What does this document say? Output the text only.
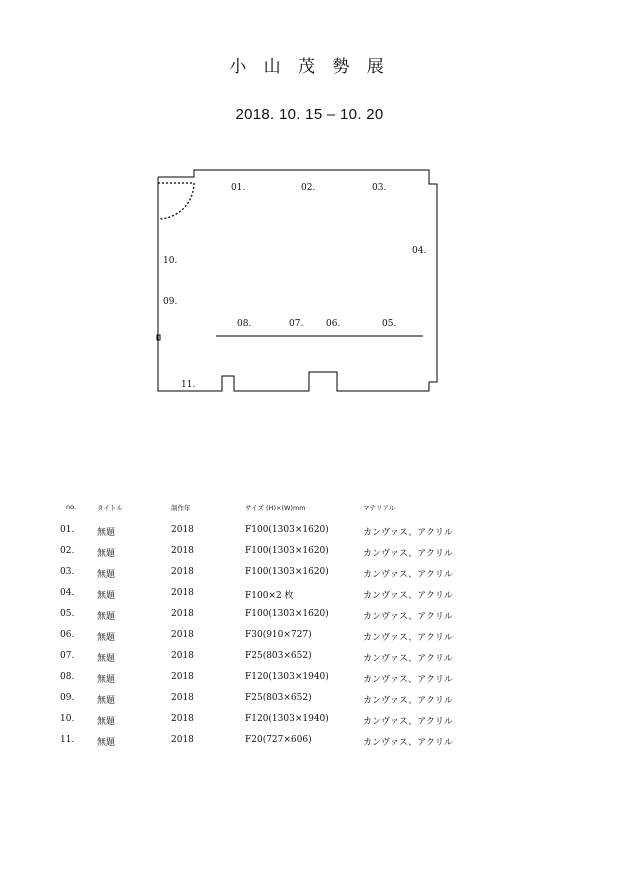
小 山 茂 勢 展
2018. 10. 15 – 10. 20
01.	02.	03.
04.
05.
06.
07.
08.
09.
10.
11.
no.	タイトル	制作年	サイズ (H)×(W)mm	マテリアル
01.	無題	2018	F100(1303×1620)	カンヴァス、アクリル
02.	無題	2018	F100(1303×1620)	カンヴァス、アクリル
03.	無題	2018	F100(1303×1620)	カンヴァス、アクリル
04.	無題	2018	F100×2 枚	カンヴァス、アクリル
05.	無題	2018	F100(1303×1620)	カンヴァス、アクリル
06.	無題	2018	F30(910×727)	カンヴァス、アクリル
07.	無題	2018	F25(803×652)	カンヴァス、アクリル
08.	無題	2018	F120(1303×1940)	カンヴァス、アクリル
09.	無題	2018	F25(803×652)	カンヴァス、アクリル
10.	無題	2018	F120(1303×1940)	カンヴァス、アクリル
11.	無題	2018	F20(727×606)	カンヴァス、アクリル
